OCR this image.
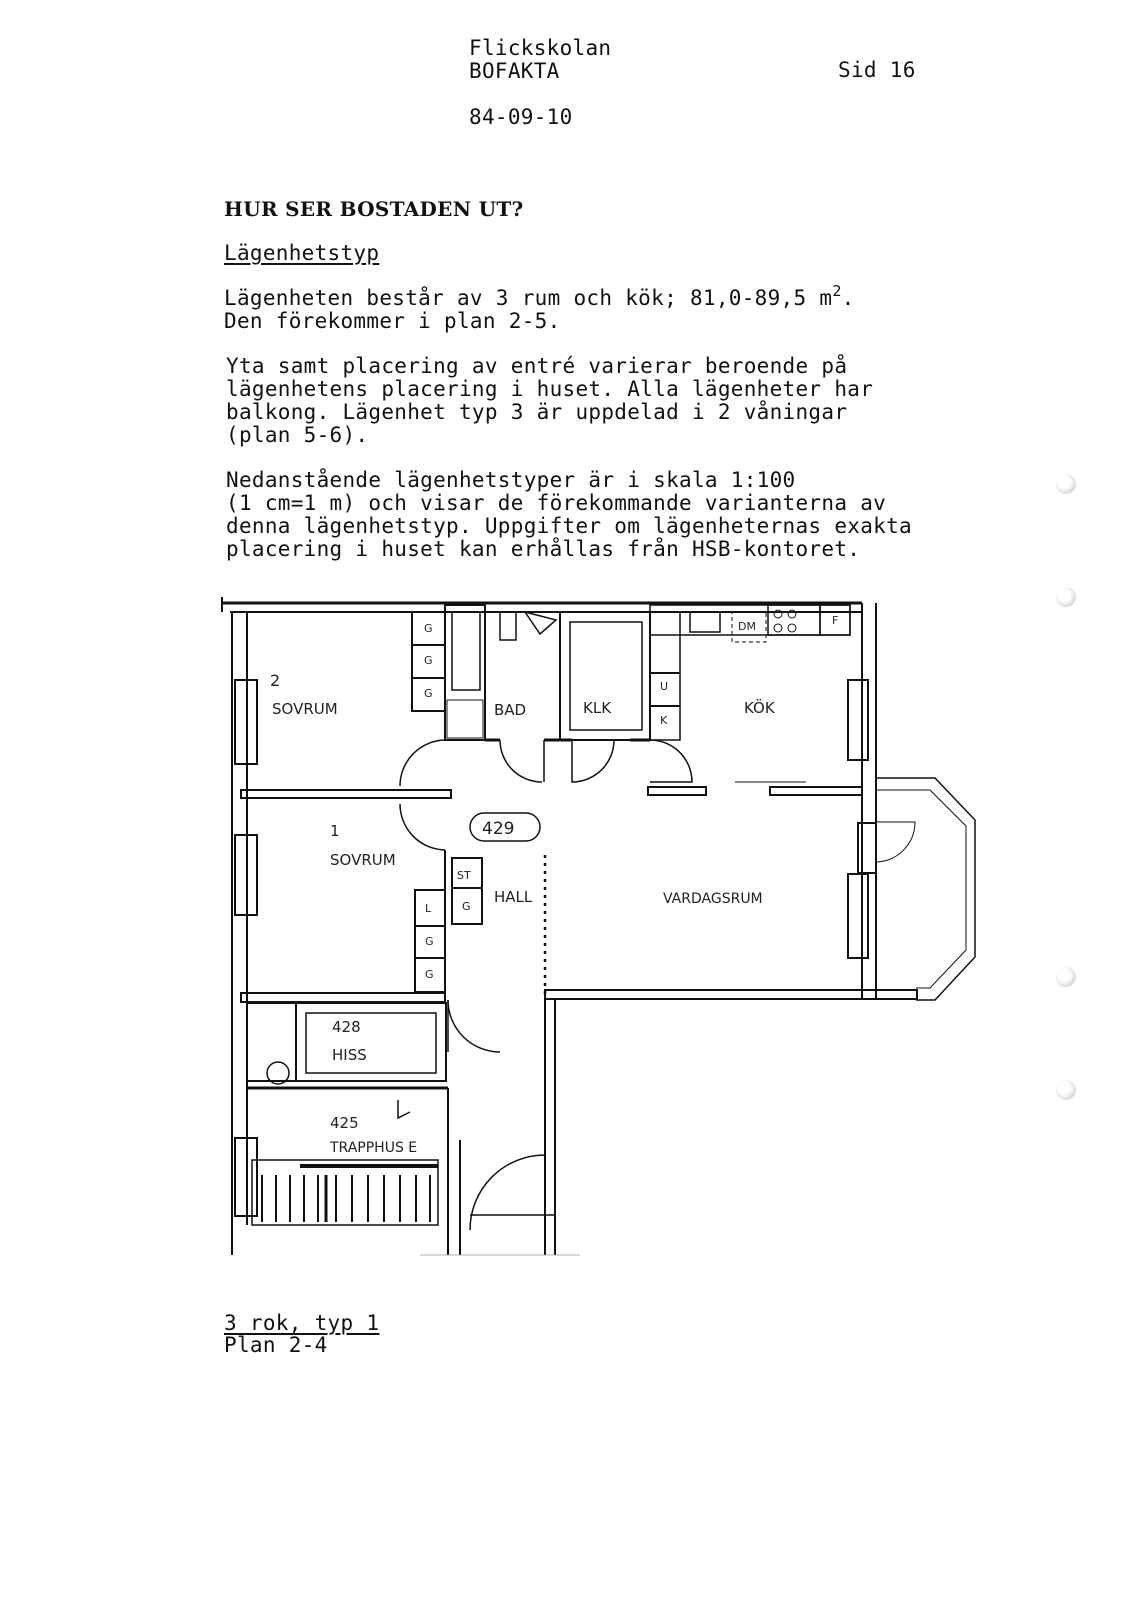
Flickskolan
BOFAKTA	Sid 16
84-09-10
HUR SER BOSTADEN UT?
Lägenhetstyp
Lägenheten består av 3 rum och kök; 81,0-89,5 $m^2$.
Den förekommer i plan 2-5.
Yta samt placering av entré varierar beroende på
lägenhetens placering i huset. Alla lägenheter har
balkong. Lägenhet typ 3 är uppdelad i 2 våningar
(plan 5-6).
Nedanstående lägenhetstyper är i skala 1:100
(1 cm=1 m) och visar de förekommande varianterna av
denna lägenhetstyp. Uppgifter om lägenheternas exakta
placering i huset kan erhållas från HSB-kontoret.
2
SOVRUM
1
SOVRUM
BAD	KLK	KÖK
429
HALL	VARDAGSRUM
428
HISS
425
TRAPPHUS E
DM	F
U
K
ST
L
G
G
G
G
G
G
3 rok, typ 1
Plan 2-4
